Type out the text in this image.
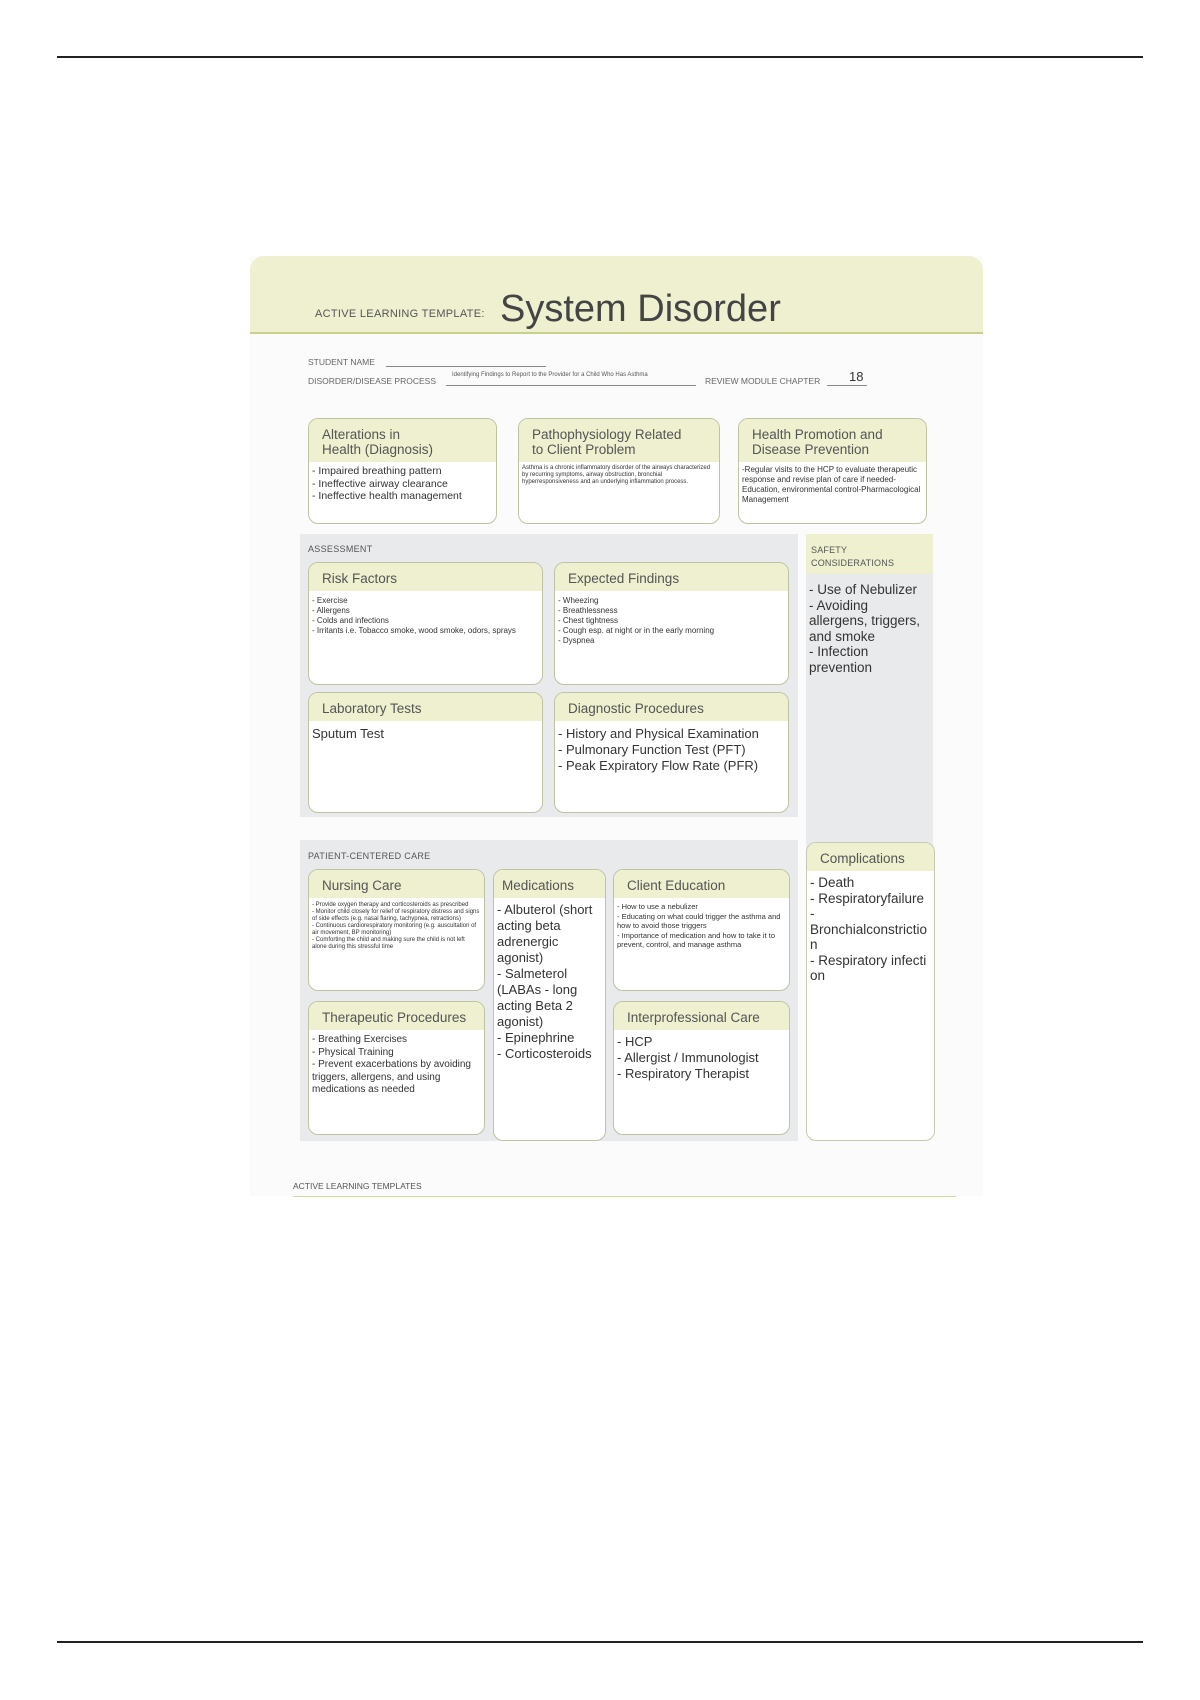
ACTIVE LEARNING TEMPLATE: System Disorder
STUDENT NAME
DISORDER/DISEASE PROCESS
Identifying Findings to Report to the Provider for a Child Who Has Asthma
REVIEW MODULE CHAPTER 18
Alterations in
Health (Diagnosis)
- Impaired breathing pattern
- Ineffective airway clearance
- Ineffective health management
Pathophysiology Related
to Client Problem
Asthma is a chronic inflammatory disorder of the airways characterized by recurring symptoms, airway obstruction, bronchial hyperresponsiveness and an underlying inflammation process.
Health Promotion and
Disease Prevention
-Regular visits to the HCP to evaluate therapeutic response and revise plan of care if needed-Education, environmental control-Pharmacological Management
ASSESSMENT
Risk Factors
- Exercise
- Allergens
- Colds and infections
- Irritants i.e. Tobacco smoke, wood smoke, odors, sprays
Expected Findings
- Wheezing
- Breathlessness
- Chest tightness
- Cough esp. at night or in the early morning
- Dyspnea
Laboratory Tests
Sputum Test
Diagnostic Procedures
- History and Physical Examination
- Pulmonary Function Test (PFT)
- Peak Expiratory Flow Rate (PFR)
SAFETY
CONSIDERATIONS
- Use of Nebulizer
- Avoiding allergens, triggers, and smoke
- Infection prevention
PATIENT-CENTERED CARE
Nursing Care
- Provide oxygen therapy and corticosteroids as prescribed
- Monitor child closely for relief of respiratory distress and signs of side effects (e.g. nasal flaring, tachypnea, retractions)
- Continuous cardiorespiratory monitoring (e.g. auscultation of air movement, BP monitoring)
- Comforting the child and making sure the child is not left alone during this stressful time
Medications
- Albuterol (short acting beta adrenergic agonist)
- Salmeterol (LABAs - long acting Beta 2 agonist)
- Epinephrine
- Corticosteroids
Client Education
- How to use a nebulizer
- Educating on what could trigger the asthma and how to avoid those triggers
- Importance of medication and how to take it to prevent, control, and manage asthma
Therapeutic Procedures
- Breathing Exercises
- Physical Training
- Prevent exacerbations by avoiding triggers, allergens, and using medications as needed
Interprofessional Care
- HCP
- Allergist / Immunologist
- Respiratory Therapist
Complications
- Death
- Respiratoryfailure
-
Bronchialconstriction
- Respiratory infection
ACTIVE LEARNING TEMPLATES
